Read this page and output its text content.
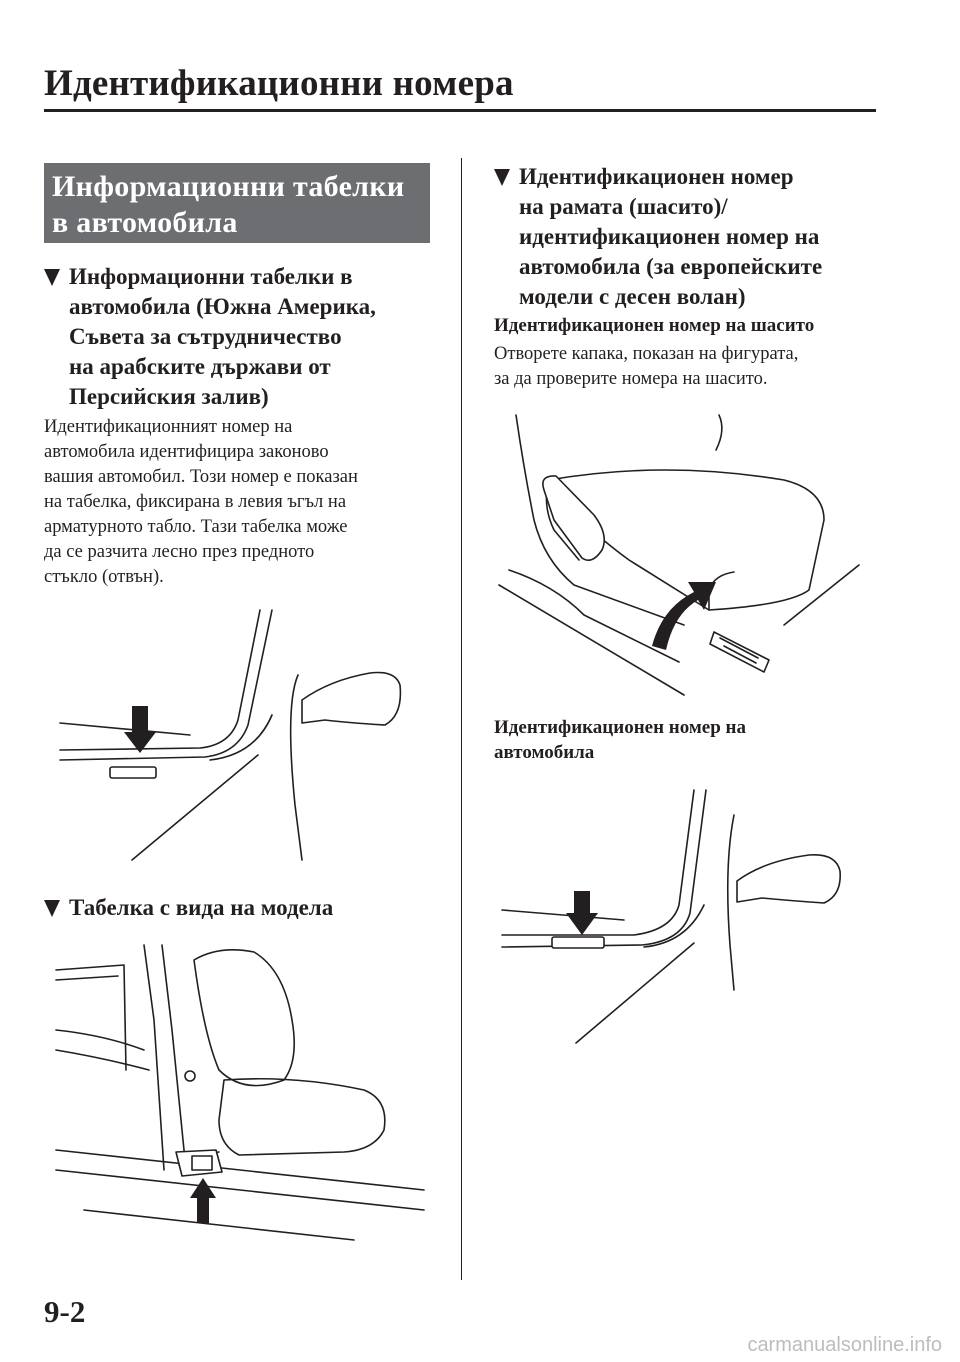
Идентификационни номера
Информационни табелки
в автомобила
Информационни табелки в
автомобила (Южна Америка,
Съвета за сътрудничество
на арабските държави от
Персийския залив)
Идентификационният номер на
автомобила идентифицира законово
вашия автомобил. Този номер е показан
на табелка, фиксирана в левия ъгъл на
арматурното табло. Тази табелка може
да се разчита лесно през предното
стъкло (отвън).
Табелка с вида на модела
Идентификационен номер
на рамата (шасито)/
идентификационен номер на
автомобила (за европейските
модели с десен волан)
Идентификационен номер на шасито
Отворете капака, показан на фигурата,
за да проверите номера на шасито.
Идентификационен номер на
автомобила
9-2
carmanualsonline.info
